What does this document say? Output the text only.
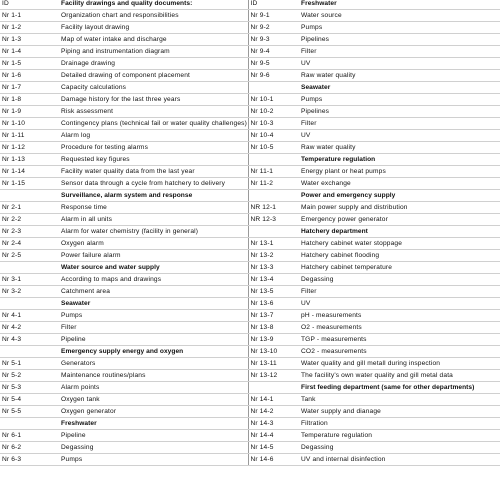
ID	Facility drawings and quality documents:	ID	Freshwater
Nr 1-1	Organization chart and responsibilities	Nr 9-1	Water source
Nr 1-2	Facility layout drawing	Nr 9-2	Pumps
Nr 1-3	Map of water intake and discharge	Nr 9-3	Pipelines
Nr 1-4	Piping and instrumentation diagram	Nr 9-4	Filter
Nr 1-5	Drainage drawing	Nr 9-5	UV
Nr 1-6	Detailed drawing of component placement	Nr 9-6	Raw water quality
Nr 1-7	Capacity calculations		Seawater
Nr 1-8	Damage history for the last three years	Nr 10-1	Pumps
Nr 1-9	Risk assessment	Nr 10-2	Pipelines
Nr 1-10	Contingency plans (technical fail or water quality challenges)	Nr 10-3	Filter
Nr 1-11	Alarm log	Nr 10-4	UV
Nr 1-12	Procedure for testing alarms	Nr 10-5	Raw water quality
Nr 1-13	Requested key figures		Temperature regulation
Nr 1-14	Facility water quality data from the last year	Nr 11-1	Energy plant or heat pumps
Nr 1-15	Sensor data through a cycle from hatchery to delivery	Nr 11-2	Water exchange
	Surveillance, alarm system and response		Power and emergency supply
Nr 2-1	Response time	NR 12-1	Main power supply and distribution
Nr 2-2	Alarm in all units	NR 12-3	Emergency power generator
Nr 2-3	Alarm for water chemistry (facility in general)		Hatchery department
Nr 2-4	Oxygen alarm	Nr 13-1	Hatchery cabinet water stoppage
Nr 2-5	Power failure alarm	Nr 13-2	Hatchery cabinet flooding
	Water source and water supply	Nr 13-3	Hatchery cabinet temperature
Nr 3-1	According to maps and drawings	Nr 13-4	Degassing
Nr 3-2	Catchment area	Nr 13-5	Filter
	Seawater	Nr 13-6	UV
Nr 4-1	Pumps	Nr 13-7	pH - measurements
Nr 4-2	Filter	Nr 13-8	O2 - measurements
Nr 4-3	Pipeline	Nr 13-9	TGP - measurements
	Emergency supply energy and oxygen	Nr 13-10	CO2 - measurements
Nr 5-1	Generators	Nr 13-11	Water quality and gill metall during inspection
Nr 5-2	Maintenance routines/plans	Nr 13-12	The facility's own water quality and gill metal data
Nr 5-3	Alarm points		First feeding department (same for other departments)
Nr 5-4	Oxygen tank	Nr 14-1	Tank
Nr 5-5	Oxygen generator	Nr 14-2	Water supply and dianage
	Freshwater	Nr 14-3	Filtration
Nr 6-1	Pipeline	Nr 14-4	Temperature regulation
Nr 6-2	Degassing	Nr 14-5	Degassing
Nr 6-3	Pumps	Nr 14-6	UV and internal disinfection
